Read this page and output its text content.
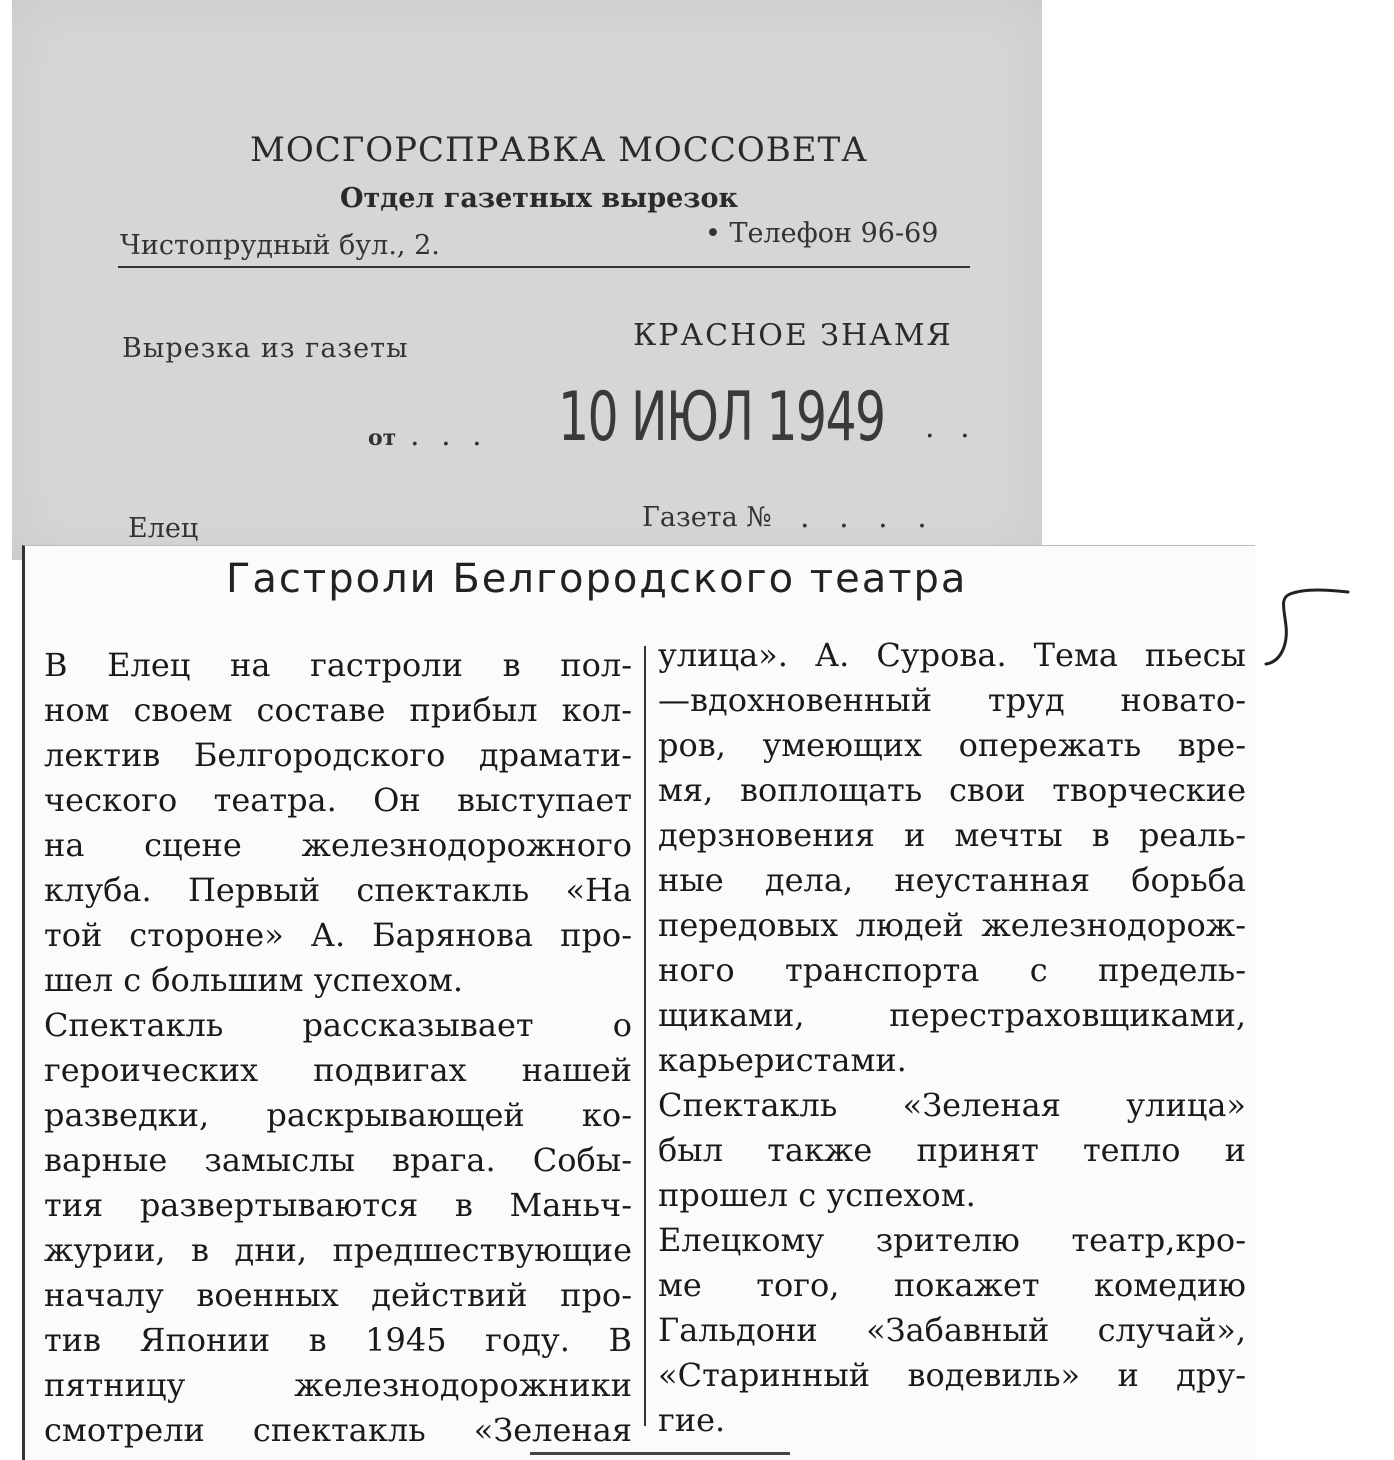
МОСГОРСПРАВКА МОССОВЕТА
Отдел газетных вырезок
Чистопрудный бул., 2.	• Телефон 96-69
Вырезка из газеты	КРАСНОЕ ЗНАМЯ
от . . . 10 ИЮЛ 1949 . .
Елец	Газета № . . . .
Гастроли Белгородского театра
В Елец на гастроли в пол-
ном своем составе прибыл кол-
лектив Белгородского драмати-
ческого театра. Он выступает
на сцене железнодорожного
клуба. Первый спектакль «На
той стороне» А. Барянова про-
шел с большим успехом.
Спектакль рассказывает о
героических подвигах нашей
разведки, раскрывающей ко-
варные замыслы врага. Собы-
тия развертываются в Маньч-
журии, в дни, предшествующие
началу военных действий про-
тив Японии в 1945 году. В
пятницу железнодорожники
смотрели спектакль «Зеленая
улица». А. Сурова. Тема пьесы
—вдохновенный труд новато-
ров, умеющих опережать вре-
мя, воплощать свои творческие
дерзновения и мечты в реаль-
ные дела, неустанная борьба
передовых людей железнодорож-
ного транспорта с предель-
щиками, перестраховщиками,
карьеристами.
Спектакль «Зеленая улица»
был также принят тепло и
прошел с успехом.
Елецкому зрителю театр,кро-
ме того, покажет комедию
Гальдони «Забавный случай»,
«Старинный водевиль» и дру-
гие.
